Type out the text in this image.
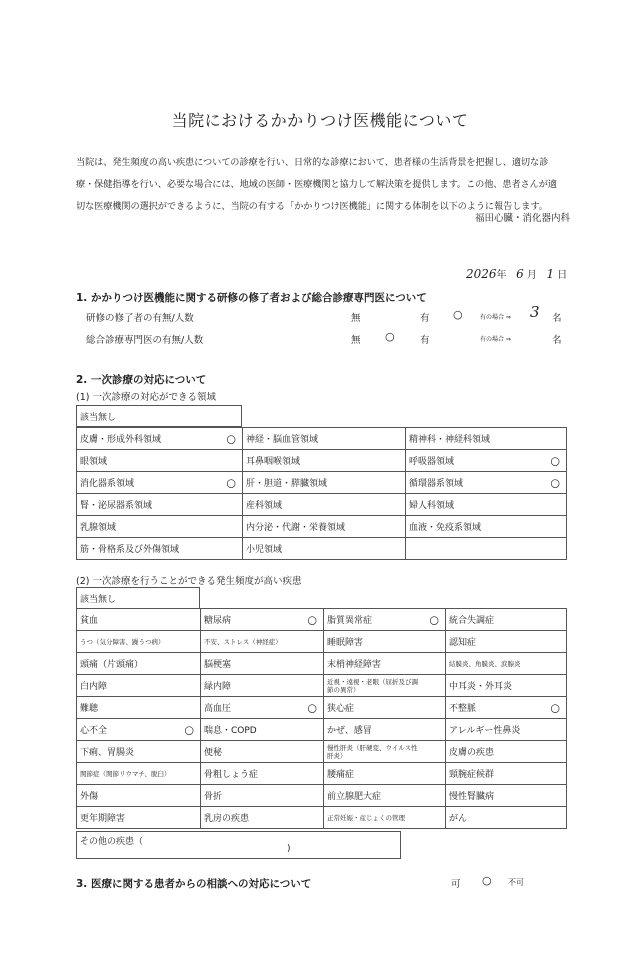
当院におけるかかりつけ医機能について

当院は、発生頻度の高い疾患についての診療を行い、日常的な診療において、患者様の生活背景を把握し、適切な診

療・保健指導を行い、必要な場合には、地域の医師・医療機関と協力して解決策を提供します。この他、患者さんが適

切な医療機関の選択ができるように、当院の有する「かかりつけ医機能」に関する体制を以下のように報告します。

福田心臓・消化器内科
2026年 6 月 1 日
1. かかりつけ医機能に関する研修の修了者および総合診療専門医について
研修の修了者の有無/人数	無	有 ○	有の場合 ⇒ 3 名
総合診療専門医の有無/人数	無 ○	有	有の場合 ⇒	名
2. 一次診療の対応について
(1) 一次診療の対応ができる領域
該当無し
皮膚・形成外科領域 ○	神経・脳血管領域	精神科・神経科領域
眼領域	耳鼻咽喉領域	呼吸器領域 ○

消化器系領域 ○	肝・胆道・膵臓領域	循環器系領域 ○

腎・泌尿器系領域	産科領域	婦人科領域
乳腺領域	内分泌・代謝・栄養領域	血液・免疫系領域
筋・骨格系及び外傷領域	小児領域	
(2) 一次診療を行うことができる発生頻度が高い疾患
該当無し
貧血	糖尿病 ○	脂質異常症 ○	統合失調症
うつ（気分障害、躁うつ病）	不安、ストレス（神経症）	睡眠障害	認知症
頭痛（片頭痛）	脳梗塞	末梢神経障害	結膜炎、角膜炎、涙腺炎
白内障	緑内障	近視・遠視・老眼（屈折及び調節の異常）	中耳炎・外耳炎
難聴	高血圧 ○	狭心症	不整脈 ○

心不全 ○	喘息・COPD	かぜ、感冒	アレルギー性鼻炎
下痢、胃腸炎	便秘	慢性肝炎（肝硬変、ウイルス性肝炎）	皮膚の疾患
関節症（関節リウマチ、脱臼）	骨粗しょう症	腰痛症	頸腕症候群
外傷	骨折	前立腺肥大症	慢性腎臓病
更年期障害	乳房の疾患	正常妊娠・産じょくの管理	がん
その他の疾患（
)
3. 医療に関する患者からの相談への対応について	可 ○ 不可
